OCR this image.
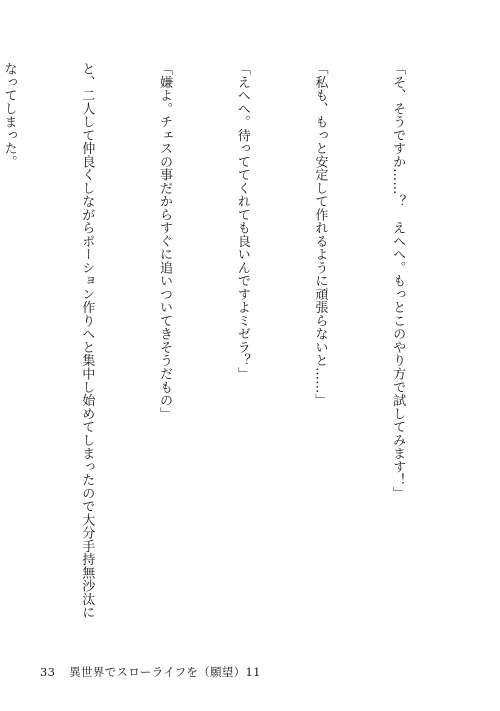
「そ、そうですか……？　えへへ。もっとこのやり方で試してみます！」

「私も、もっと安定して作れるように頑張らないと……」

「えへへ。待っててくれても良いんですよミゼラ？」

「嫌よ。チェスの事だからすぐに追いついてきそうだもの」

と、二人して仲良くしながらポーション作りへと集中し始めてしまったので大分手持無沙汰に

なってしまった。

33 異世界でスローライフを（願望）11
